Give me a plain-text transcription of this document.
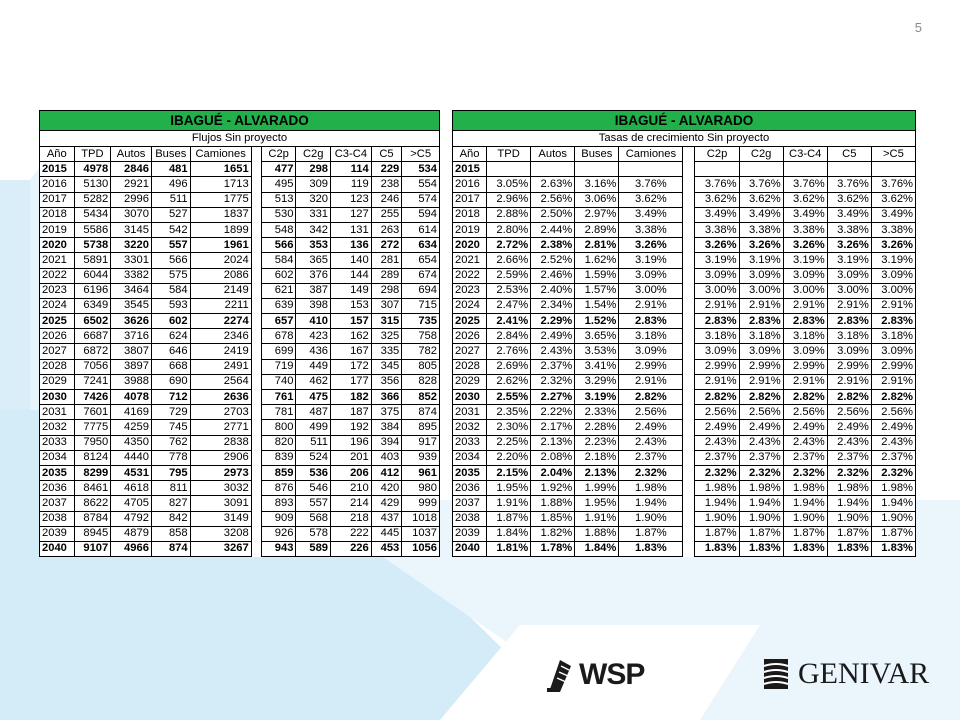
5
IBAGUÉ - ALVARADO										
Flujos Sin proyecto										
Año	TPD	Autos	Buses	Camiones		C2p	C2g	C3-C4	C5	>C5
2015	4978	2846	481	1651		477	298	114	229	534
2016	5130	2921	496	1713		495	309	119	238	554
2017	5282	2996	511	1775		513	320	123	246	574
2018	5434	3070	527	1837		530	331	127	255	594
2019	5586	3145	542	1899		548	342	131	263	614
2020	5738	3220	557	1961		566	353	136	272	634
2021	5891	3301	566	2024		584	365	140	281	654
2022	6044	3382	575	2086		602	376	144	289	674
2023	6196	3464	584	2149		621	387	149	298	694
2024	6349	3545	593	2211		639	398	153	307	715
2025	6502	3626	602	2274		657	410	157	315	735
2026	6687	3716	624	2346		678	423	162	325	758
2027	6872	3807	646	2419		699	436	167	335	782
2028	7056	3897	668	2491		719	449	172	345	805
2029	7241	3988	690	2564		740	462	177	356	828
2030	7426	4078	712	2636		761	475	182	366	852
2031	7601	4169	729	2703		781	487	187	375	874
2032	7775	4259	745	2771		800	499	192	384	895
2033	7950	4350	762	2838		820	511	196	394	917
2034	8124	4440	778	2906		839	524	201	403	939
2035	8299	4531	795	2973		859	536	206	412	961
2036	8461	4618	811	3032		876	546	210	420	980
2037	8622	4705	827	3091		893	557	214	429	999
2038	8784	4792	842	3149		909	568	218	437	1018
2039	8945	4879	858	3208		926	578	222	445	1037
2040	9107	4966	874	3267		943	589	226	453	1056
IBAGUÉ - ALVARADO										
Tasas de crecimiento Sin proyecto										
Año	TPD	Autos	Buses	Camiones		C2p	C2g	C3-C4	C5	>C5
2015										
2016	3.05%	2.63%	3.16%	3.76%		3.76%	3.76%	3.76%	3.76%	3.76%
2017	2.96%	2.56%	3.06%	3.62%		3.62%	3.62%	3.62%	3.62%	3.62%
2018	2.88%	2.50%	2.97%	3.49%		3.49%	3.49%	3.49%	3.49%	3.49%
2019	2.80%	2.44%	2.89%	3.38%		3.38%	3.38%	3.38%	3.38%	3.38%
2020	2.72%	2.38%	2.81%	3.26%		3.26%	3.26%	3.26%	3.26%	3.26%
2021	2.66%	2.52%	1.62%	3.19%		3.19%	3.19%	3.19%	3.19%	3.19%
2022	2.59%	2.46%	1.59%	3.09%		3.09%	3.09%	3.09%	3.09%	3.09%
2023	2.53%	2.40%	1.57%	3.00%		3.00%	3.00%	3.00%	3.00%	3.00%
2024	2.47%	2.34%	1.54%	2.91%		2.91%	2.91%	2.91%	2.91%	2.91%
2025	2.41%	2.29%	1.52%	2.83%		2.83%	2.83%	2.83%	2.83%	2.83%
2026	2.84%	2.49%	3.65%	3.18%		3.18%	3.18%	3.18%	3.18%	3.18%
2027	2.76%	2.43%	3.53%	3.09%		3.09%	3.09%	3.09%	3.09%	3.09%
2028	2.69%	2.37%	3.41%	2.99%		2.99%	2.99%	2.99%	2.99%	2.99%
2029	2.62%	2.32%	3.29%	2.91%		2.91%	2.91%	2.91%	2.91%	2.91%
2030	2.55%	2.27%	3.19%	2.82%		2.82%	2.82%	2.82%	2.82%	2.82%
2031	2.35%	2.22%	2.33%	2.56%		2.56%	2.56%	2.56%	2.56%	2.56%
2032	2.30%	2.17%	2.28%	2.49%		2.49%	2.49%	2.49%	2.49%	2.49%
2033	2.25%	2.13%	2.23%	2.43%		2.43%	2.43%	2.43%	2.43%	2.43%
2034	2.20%	2.08%	2.18%	2.37%		2.37%	2.37%	2.37%	2.37%	2.37%
2035	2.15%	2.04%	2.13%	2.32%		2.32%	2.32%	2.32%	2.32%	2.32%
2036	1.95%	1.92%	1.99%	1.98%		1.98%	1.98%	1.98%	1.98%	1.98%
2037	1.91%	1.88%	1.95%	1.94%		1.94%	1.94%	1.94%	1.94%	1.94%
2038	1.87%	1.85%	1.91%	1.90%		1.90%	1.90%	1.90%	1.90%	1.90%
2039	1.84%	1.82%	1.88%	1.87%		1.87%	1.87%	1.87%	1.87%	1.87%
2040	1.81%	1.78%	1.84%	1.83%		1.83%	1.83%	1.83%	1.83%	1.83%
WSP	GENIVAR
